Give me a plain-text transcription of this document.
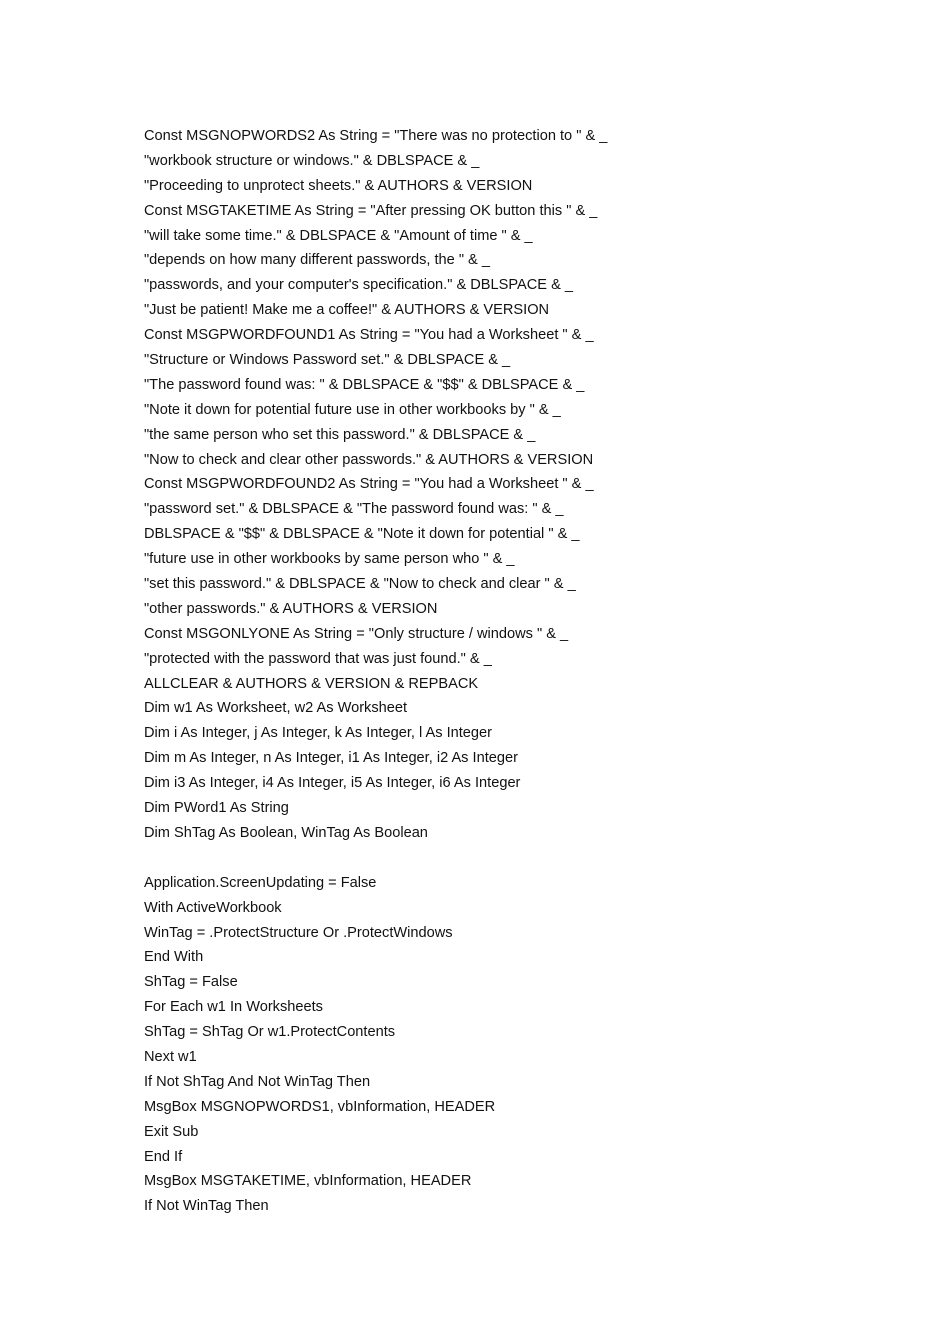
Const MSGNOPWORDS2 As String = "There was no protection to " & _
"workbook structure or windows." & DBLSPACE & _
"Proceeding to unprotect sheets." & AUTHORS & VERSION
Const MSGTAKETIME As String = "After pressing OK button this " & _
"will take some time." & DBLSPACE & "Amount of time " & _
"depends on how many different passwords, the " & _
"passwords, and your computer's specification." & DBLSPACE & _
"Just be patient! Make me a coffee!" & AUTHORS & VERSION
Const MSGPWORDFOUND1 As String = "You had a Worksheet " & _
"Structure or Windows Password set." & DBLSPACE & _
"The password found was: " & DBLSPACE & "$$" & DBLSPACE & _
"Note it down for potential future use in other workbooks by " & _
"the same person who set this password." & DBLSPACE & _
"Now to check and clear other passwords." & AUTHORS & VERSION
Const MSGPWORDFOUND2 As String = "You had a Worksheet " & _
"password set." & DBLSPACE & "The password found was: " & _
DBLSPACE & "$$" & DBLSPACE & "Note it down for potential " & _
"future use in other workbooks by same person who " & _
"set this password." & DBLSPACE & "Now to check and clear " & _
"other passwords." & AUTHORS & VERSION
Const MSGONLYONE As String = "Only structure / windows " & _
"protected with the password that was just found." & _
ALLCLEAR & AUTHORS & VERSION & REPBACK
Dim w1 As Worksheet, w2 As Worksheet
Dim i As Integer, j As Integer, k As Integer, l As Integer
Dim m As Integer, n As Integer, i1 As Integer, i2 As Integer
Dim i3 As Integer, i4 As Integer, i5 As Integer, i6 As Integer
Dim PWord1 As String
Dim ShTag As Boolean, WinTag As Boolean
Application.ScreenUpdating = False
With ActiveWorkbook
WinTag = .ProtectStructure Or .ProtectWindows
End With
ShTag = False
For Each w1 In Worksheets
ShTag = ShTag Or w1.ProtectContents
Next w1
If Not ShTag And Not WinTag Then
MsgBox MSGNOPWORDS1, vbInformation, HEADER
Exit Sub
End If
MsgBox MSGTAKETIME, vbInformation, HEADER
If Not WinTag Then
